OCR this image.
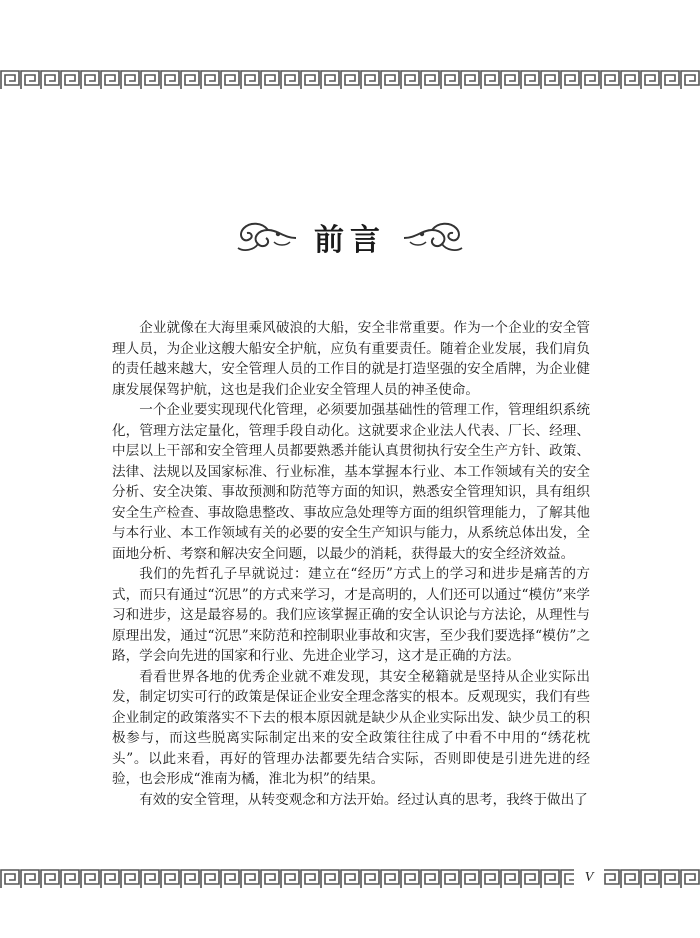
前言

企业就像在大海里乘风破浪的大船，安全非常重要。作为一个企业的安全管理人员，为企业这艘大船安全护航，应负有重要责任。随着企业发展，我们肩负的责任越来越大，安全管理人员的工作目的就是打造坚强的安全盾牌，为企业健康发展保驾护航，这也是我们企业安全管理人员的神圣使命。

一个企业要实现现代化管理，必须要加强基础性的管理工作，管理组织系统化，管理方法定量化，管理手段自动化。这就要求企业法人代表、厂长、经理、中层以上干部和安全管理人员都要熟悉并能认真贯彻执行安全生产方针、政策、法律、法规以及国家标准、行业标准，基本掌握本行业、本工作领域有关的安全分析、安全决策、事故预测和防范等方面的知识，熟悉安全管理知识，具有组织安全生产检查、事故隐患整改、事故应急处理等方面的组织管理能力，了解其他与本行业、本工作领域有关的必要的安全生产知识与能力，从系统总体出发，全面地分析、考察和解决安全问题，以最少的消耗，获得最大的安全经济效益。

我们的先哲孔子早就说过：建立在“经历”方式上的学习和进步是痛苦的方式，而只有通过“沉思”的方式来学习，才是高明的，人们还可以通过“模仿”来学习和进步，这是最容易的。我们应该掌握正确的安全认识论与方法论，从理性与原理出发，通过“沉思”来防范和控制职业事故和灾害，至少我们要选择“模仿”之路，学会向先进的国家和行业、先进企业学习，这才是正确的方法。

看看世界各地的优秀企业就不难发现，其安全秘籍就是坚持从企业实际出发，制定切实可行的政策是保证企业安全理念落实的根本。反观现实，我们有些企业制定的政策落实不下去的根本原因就是缺少从企业实际出发、缺少员工的积极参与，而这些脱离实际制定出来的安全政策往往成了中看不中用的“绣花枕头”。以此来看，再好的管理办法都要先结合实际，否则即使是引进先进的经验，也会形成“淮南为橘，淮北为枳”的结果。

有效的安全管理，从转变观念和方法开始。经过认真的思考，我终于做出了

V
